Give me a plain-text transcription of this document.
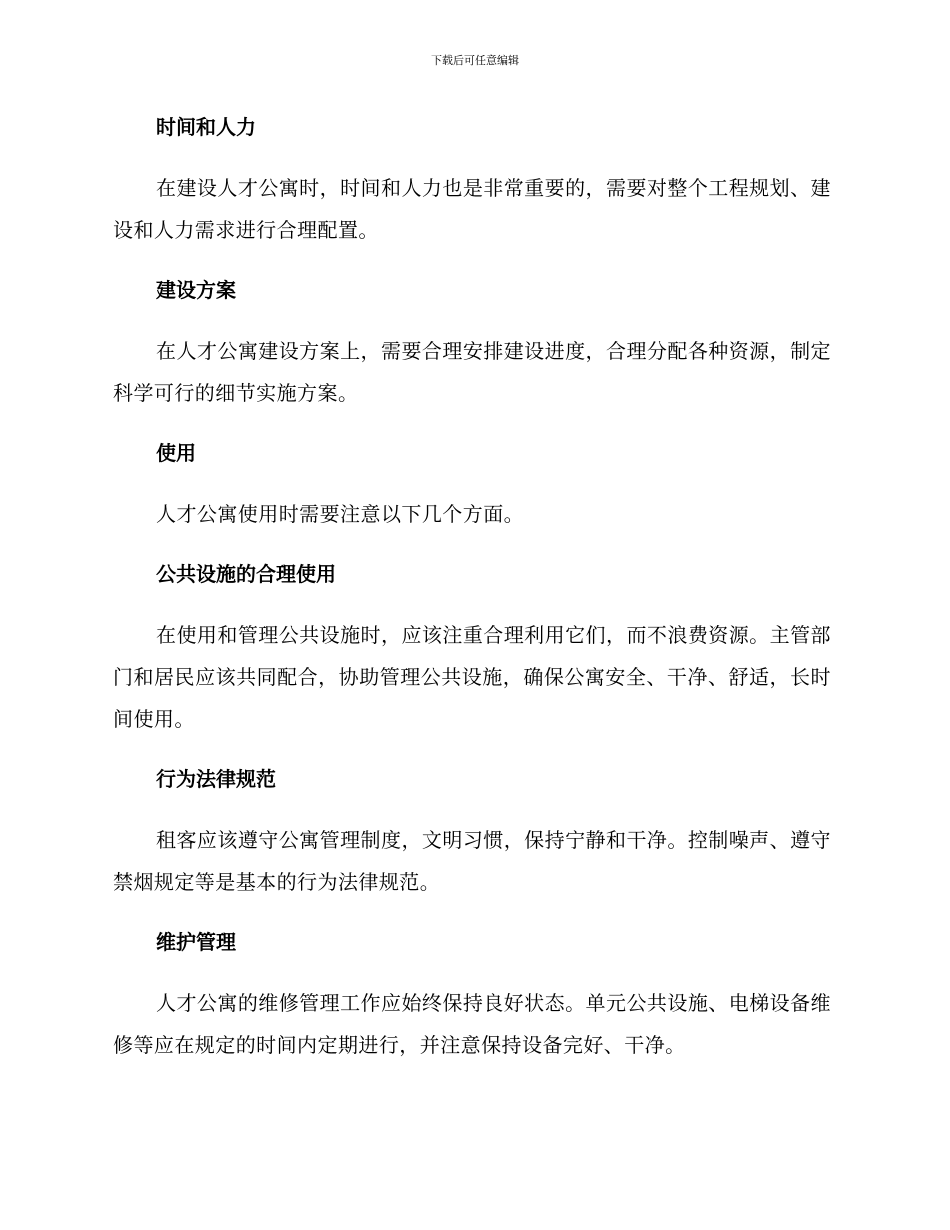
下载后可任意编辑
时间和人力

在建设人才公寓时，时间和人力也是非常重要的，需要对整个工程规划、建设和人力需求进行合理配置。

建设方案

在人才公寓建设方案上，需要合理安排建设进度，合理分配各种资源，制定科学可行的细节实施方案。

使用

人才公寓使用时需要注意以下几个方面。

公共设施的合理使用

在使用和管理公共设施时，应该注重合理利用它们，而不浪费资源。主管部门和居民应该共同配合，协助管理公共设施，确保公寓安全、干净、舒适，长时间使用。

行为法律规范

租客应该遵守公寓管理制度，文明习惯，保持宁静和干净。控制噪声、遵守禁烟规定等是基本的行为法律规范。

维护管理

人才公寓的维修管理工作应始终保持良好状态。单元公共设施、电梯设备维修等应在规定的时间内定期进行，并注意保持设备完好、干净。
